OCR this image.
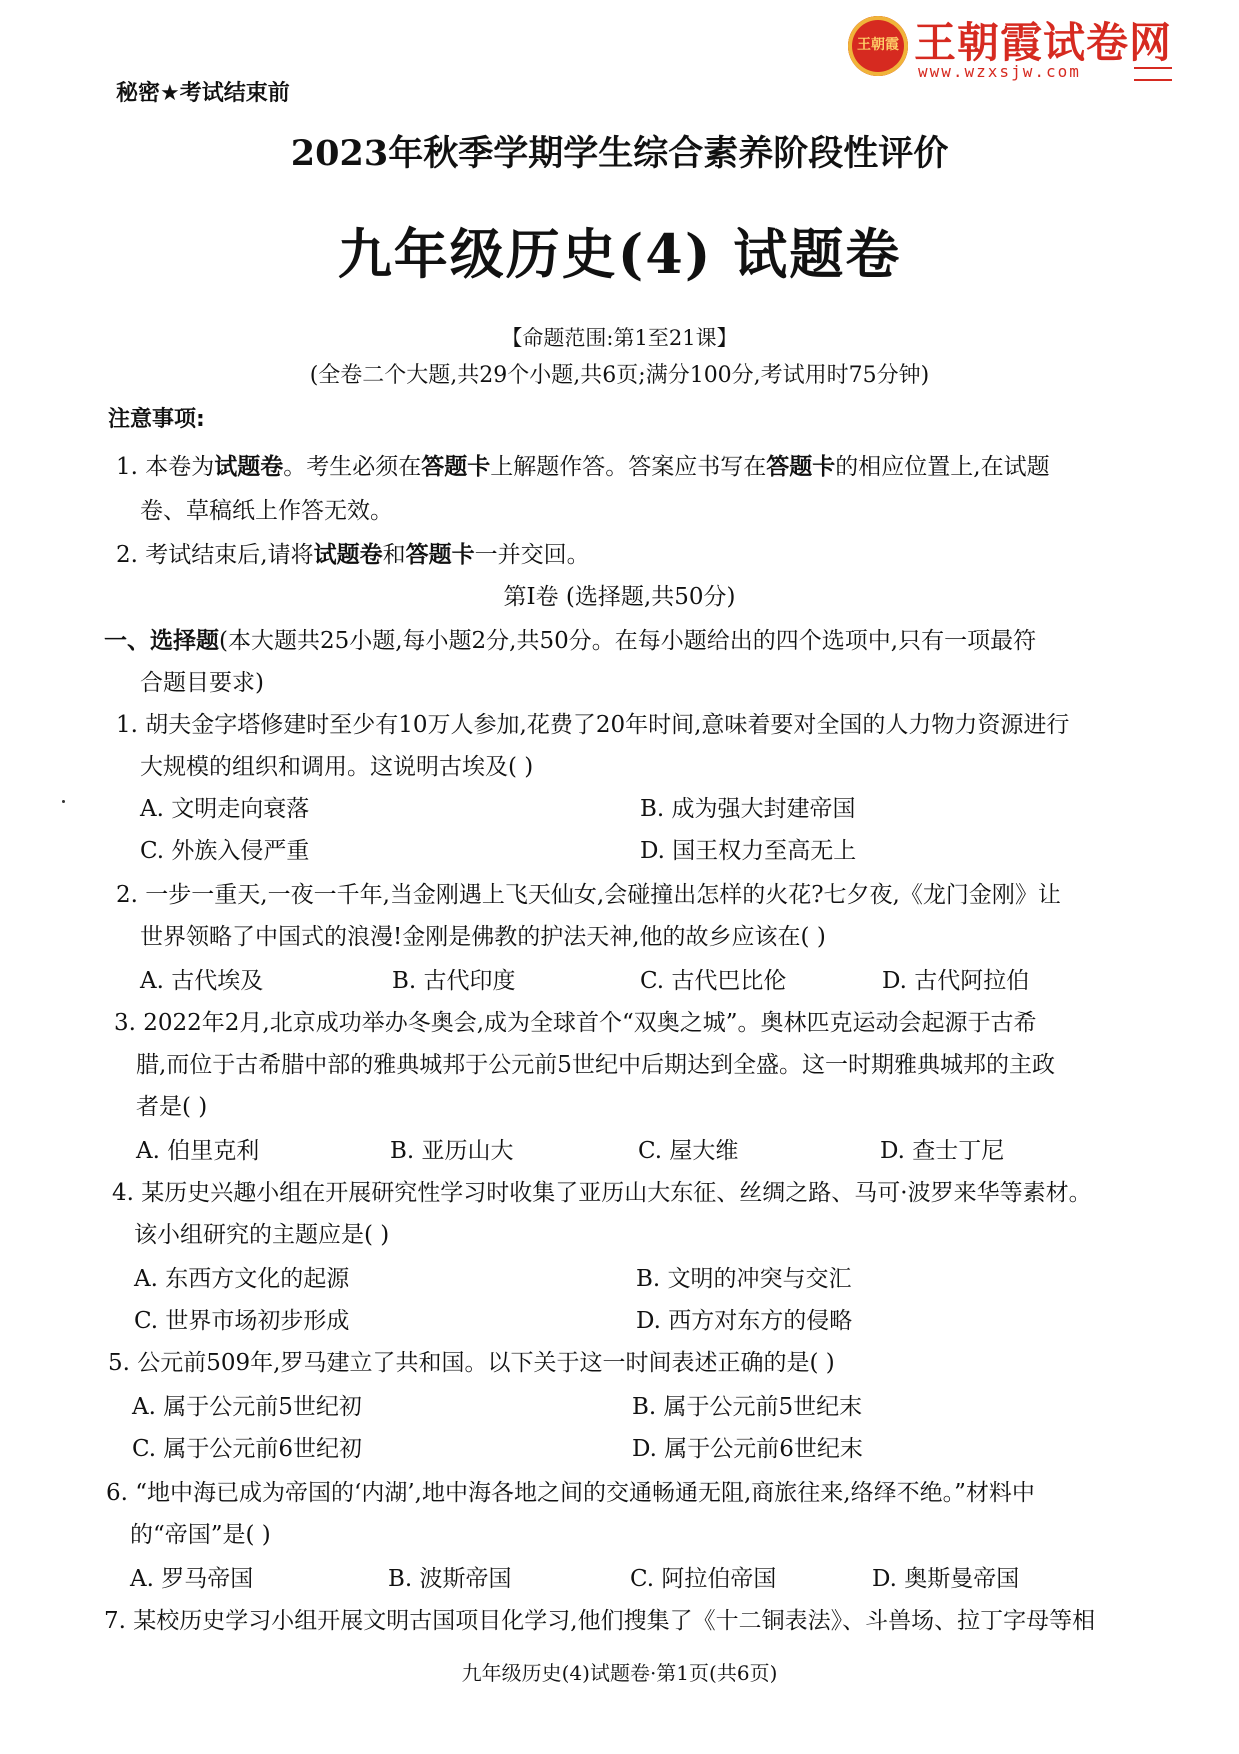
王朝霞 王朝霞试卷网
www.wzxsjw.com
秘密★考试结束前
2023年秋季学期学生综合素养阶段性评价
九年级历史(4) 试题卷
【命题范围:第1至21课】
(全卷二个大题,共29个小题,共6页;满分100分,考试用时75分钟)
注意事项:
1. 本卷为试题卷。考生必须在答题卡上解题作答。答案应书写在答题卡的相应位置上,在试题
卷、草稿纸上作答无效。
2. 考试结束后,请将试题卷和答题卡一并交回。
第Ⅰ卷 (选择题,共50分)
一、选择题(本大题共25小题,每小题2分,共50分。在每小题给出的四个选项中,只有一项最符
合题目要求)
1. 胡夫金字塔修建时至少有10万人参加,花费了20年时间,意味着要对全国的人力物力资源进行
大规模的组织和调用。这说明古埃及( )
A. 文明走向衰落	B. 成为强大封建帝国
C. 外族入侵严重	D. 国王权力至高无上
2. 一步一重天,一夜一千年,当金刚遇上飞天仙女,会碰撞出怎样的火花?七夕夜,《龙门金刚》让
世界领略了中国式的浪漫!金刚是佛教的护法天神,他的故乡应该在( )
A. 古代埃及	B. 古代印度	C. 古代巴比伦	D. 古代阿拉伯
3. 2022年2月,北京成功举办冬奥会,成为全球首个“双奥之城”。奥林匹克运动会起源于古希
腊,而位于古希腊中部的雅典城邦于公元前5世纪中后期达到全盛。这一时期雅典城邦的主政
者是( )
A. 伯里克利	B. 亚历山大	C. 屋大维	D. 查士丁尼
4. 某历史兴趣小组在开展研究性学习时收集了亚历山大东征、丝绸之路、马可·波罗来华等素材。
该小组研究的主题应是( )
A. 东西方文化的起源	B. 文明的冲突与交汇
C. 世界市场初步形成	D. 西方对东方的侵略
5. 公元前509年,罗马建立了共和国。以下关于这一时间表述正确的是( )
A. 属于公元前5世纪初	B. 属于公元前5世纪末
C. 属于公元前6世纪初	D. 属于公元前6世纪末
6. “地中海已成为帝国的‘内湖’,地中海各地之间的交通畅通无阻,商旅往来,络绎不绝。”材料中
的“帝国”是( )
A. 罗马帝国	B. 波斯帝国	C. 阿拉伯帝国	D. 奥斯曼帝国
7. 某校历史学习小组开展文明古国项目化学习,他们搜集了《十二铜表法》、斗兽场、拉丁字母等相
九年级历史(4)试题卷·第1页(共6页)
